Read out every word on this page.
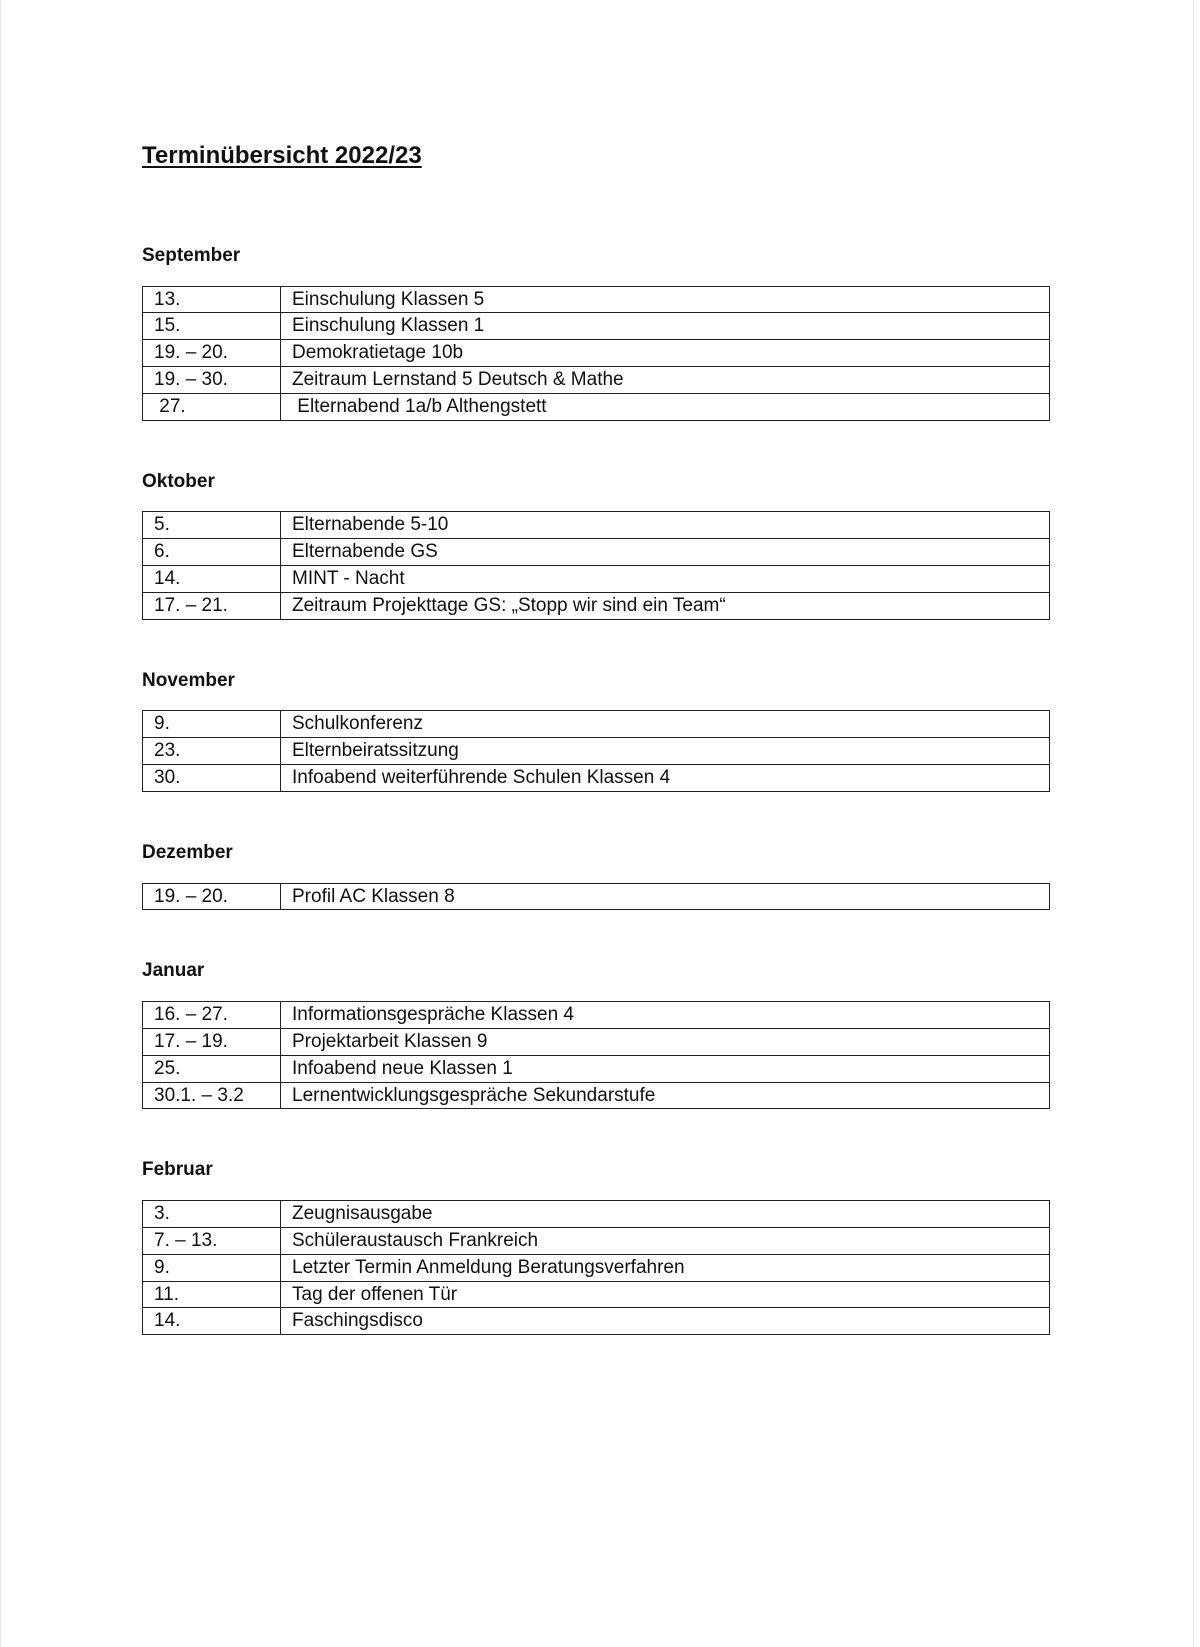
Terminübersicht 2022/23
September
13.	Einschulung Klassen 5
15.	Einschulung Klassen 1
19. – 20.	Demokratietage 10b
19. – 30.	Zeitraum Lernstand 5 Deutsch & Mathe
27.	Elternabend 1a/b Althengstett
Oktober
5.	Elternabende 5-10
6.	Elternabende GS
14.	MINT - Nacht
17. – 21.	Zeitraum Projekttage GS: „Stopp wir sind ein Team“
November
9.	Schulkonferenz
23.	Elternbeiratssitzung
30.	Infoabend weiterführende Schulen Klassen 4
Dezember
19. – 20.	Profil AC Klassen 8
Januar
16. – 27.	Informationsgespräche Klassen 4
17. – 19.	Projektarbeit Klassen 9
25.	Infoabend neue Klassen 1
30.1. – 3.2	Lernentwicklungsgespräche Sekundarstufe
Februar
3.	Zeugnisausgabe
7. – 13.	Schüleraustausch Frankreich
9.	Letzter Termin Anmeldung Beratungsverfahren
11.	Tag der offenen Tür
14.	Faschingsdisco
